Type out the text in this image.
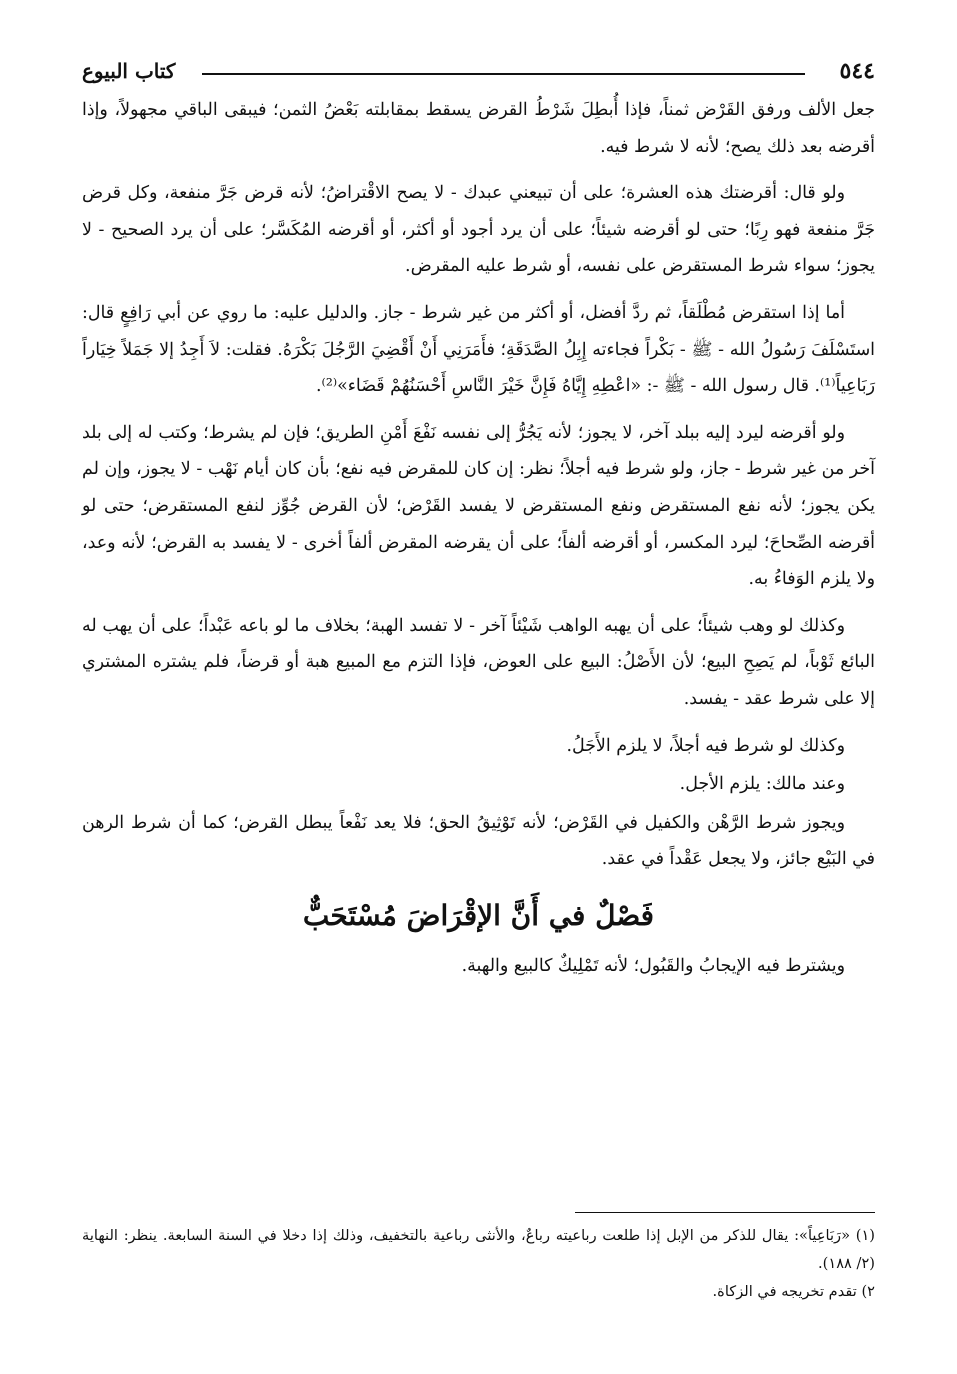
٥٤٤
كتاب البيوع

جعل الألف ورفق القَرْض ثمناً، فإذا أُبطِلَ شَرْطُ القرض يسقط بمقابلته بَعْضُ الثمن؛ فيبقى الباقي مجهولاً، وإذا أقرضه بعد ذلك يصح؛ لأنه لا شرط فيه.

ولو قال: أقرضتك هذه العشرة؛ على أن تبيعني عبدك - لا يصح الاقْتراضُ؛ لأنه قرض جَرَّ منفعة، وكل قرض جَرَّ منفعة فهو رِبًا؛ حتى لو أقرضه شيئاً؛ على أن يرد أجود أو أكثر، أو أقرضه المُكَسَّر؛ على أن يرد الصحيح - لا يجوز؛ سواء شرط المستقرض على نفسه، أو شرط عليه المقرض.

أما إذا استقرض مُطْلَقاً، ثم ردَّ أفضل، أو أكثر من غير شرط - جاز. والدليل عليه: ما روي عن أبي رَافِعٍ قال: استَسْلَفَ رَسُولُ الله - ﷺ - بَكْراً فجاءته إِبِلُ الصَّدَقَةِ؛ فأَمَرَنِي أَنْ أَقْضِيَ الرَّجُلَ بَكْرَهُ. فقلت: لاَ أَجِدُ إلا جَمَلاً خِيَاراً رَبَاعِياً⁽¹⁾. قال رسول الله - ﷺ -: «اعْطِهِ إِيَّاهُ فَإِنَّ خَيْرَ النَّاسِ أَحْسَنُهُمْ قَضَاء»⁽²⁾.

ولو أقرضه ليرد إليه ببلد آخر، لا يجوز؛ لأنه يَجُرُّ إلى نفسه نَفْعَ أَمْنِ الطريق؛ فإن لم يشرط؛ وكتب له إلى بلد آخر من غير شرط - جاز، ولو شرط فيه أجلاً؛ نظر: إن كان للمقرض فيه نفع؛ بأن كان أيام نَهْب - لا يجوز، وإن لم يكن يجوز؛ لأنه نفع المستقرض ونفع المستقرض لا يفسد القَرْض؛ لأن القرض جُوِّز لنفع المستقرض؛ حتى لو أقرضه الصِّحاحَ؛ ليرد المكسر، أو أقرضه ألفاً؛ على أن يقرضه المقرض ألفاً أخرى - لا يفسد به القرض؛ لأنه وعد، ولا يلزم الوَفاءُ به.

وكذلك لو وهب شيئاً؛ على أن يهبه الواهب شَيْئاً آخر - لا تفسد الهبة؛ بخلاف ما لو باعه عَبْداً؛ على أن يهب له البائع ثَوْباً، لم يَصِحِ البيع؛ لأن الأَصْلُ: البيع على العوض، فإذا التزم مع المبيع هبة أو قرضاً، فلم يشتره المشتري إلا على شرط عقد - يفسد.

وكذلك لو شرط فيه أجلاً، لا يلزم الأَجَلُ.

وعند مالك: يلزم الأجل.

ويجوز شرط الرَّهْن والكفيل في القَرْض؛ لأنه تَوْثِيقُ الحق؛ فلا يعد نَفْعاً يبطل القرض؛ كما أن شرط الرهن في البَيْع جائز، ولا يجعل عَقْداً في عقد.

فَصْلٌ في أَنَّ الإقْرَاضَ مُسْتَحَبٌّ

ويشترط فيه الإيجابُ والقَبُول؛ لأنه تَمْلِيكٌ كالبيع والهبة.

(١) «رَبَاعِياً»: يقال للذكر من الإبل إذا طلعت رباعيته رباعٌ، والأنثى رباعية بالتخفيف، وذلك إذا دخلا في السنة السابعة. ينظر: النهاية (٢/ ١٨٨).

٢) تقدم تخريجه في الزكاة.
